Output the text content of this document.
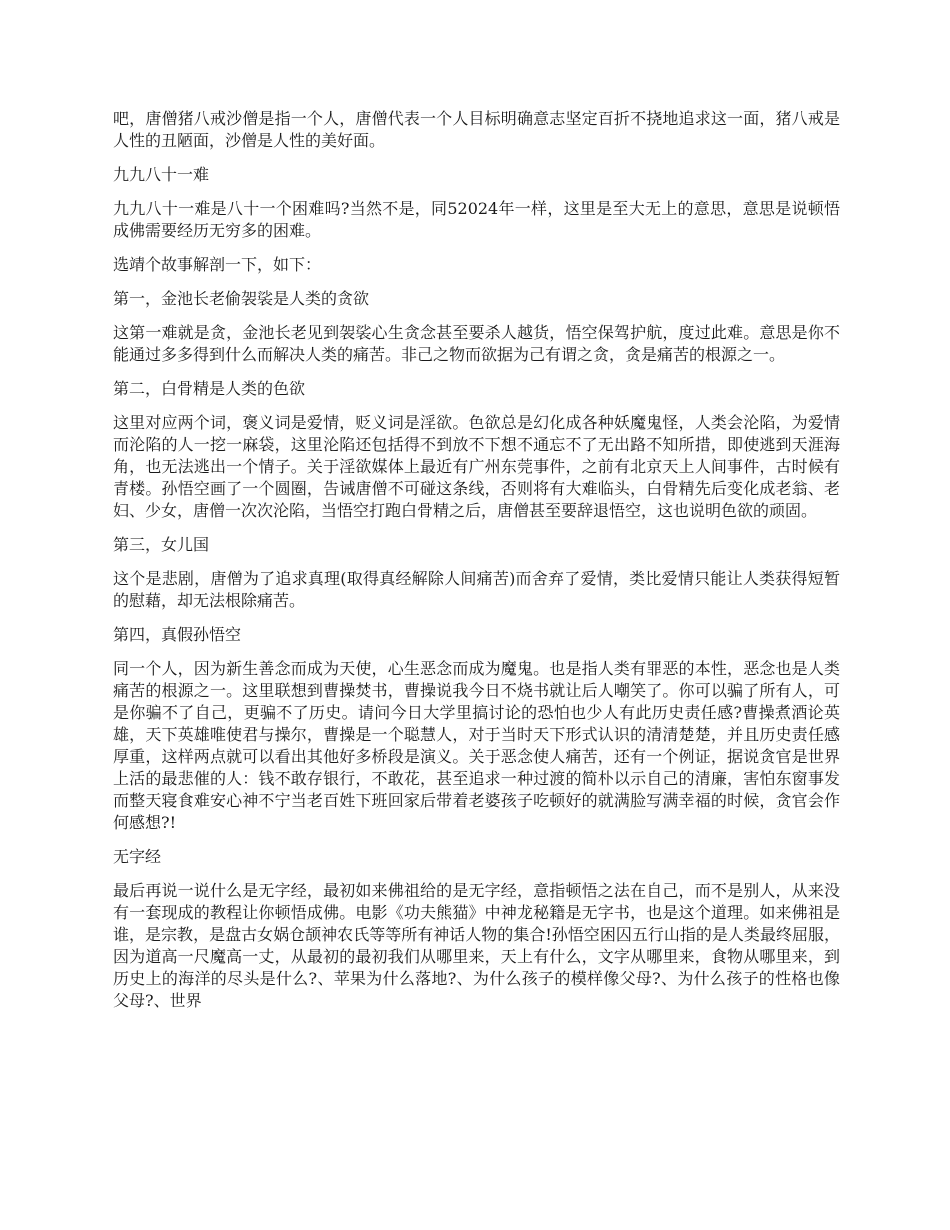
吧，唐僧猪八戒沙僧是指一个人，唐僧代表一个人目标明确意志坚定百折不挠地追求这一面，猪八戒是人性的丑陋面，沙僧是人性的美好面。

九九八十一难

九九八十一难是八十一个困难吗?当然不是，同52024年一样，这里是至大无上的意思，意思是说顿悟成佛需要经历无穷多的困难。

选靖个故事解剖一下，如下：

第一，金池长老偷袈裟是人类的贪欲

这第一难就是贪，金池长老见到袈裟心生贪念甚至要杀人越货，悟空保驾护航，度过此难。意思是你不能通过多多得到什么而解决人类的痛苦。非己之物而欲据为己有谓之贪，贪是痛苦的根源之一。

第二，白骨精是人类的色欲

这里对应两个词，褒义词是爱情，贬义词是淫欲。色欲总是幻化成各种妖魔鬼怪，人类会沦陷，为爱情而沦陷的人一挖一麻袋，这里沦陷还包括得不到放不下想不通忘不了无出路不知所措，即使逃到天涯海角，也无法逃出一个情子。关于淫欲媒体上最近有广州东莞事件，之前有北京天上人间事件，古时候有青楼。孙悟空画了一个圆圈，告诫唐僧不可碰这条线，否则将有大难临头，白骨精先后变化成老翁、老妇、少女，唐僧一次次沦陷，当悟空打跑白骨精之后，唐僧甚至要辞退悟空，这也说明色欲的顽固。

第三，女儿国

这个是悲剧，唐僧为了追求真理(取得真经解除人间痛苦)而舍弃了爱情，类比爱情只能让人类获得短暂的慰藉，却无法根除痛苦。

第四，真假孙悟空

同一个人，因为新生善念而成为天使，心生恶念而成为魔鬼。也是指人类有罪恶的本性，恶念也是人类痛苦的根源之一。这里联想到曹操焚书，曹操说我今日不烧书就让后人嘲笑了。你可以骗了所有人，可是你骗不了自己，更骗不了历史。请问今日大学里搞讨论的恐怕也少人有此历史责任感?曹操煮酒论英雄，天下英雄唯使君与操尔，曹操是一个聪慧人，对于当时天下形式认识的清清楚楚，并且历史责任感厚重，这样两点就可以看出其他好多桥段是演义。关于恶念使人痛苦，还有一个例证，据说贪官是世界上活的最悲催的人：钱不敢存银行，不敢花，甚至追求一种过渡的简朴以示自己的清廉，害怕东窗事发而整天寝食难安心神不宁当老百姓下班回家后带着老婆孩子吃顿好的就满脸写满幸福的时候，贪官会作何感想?!

无字经

最后再说一说什么是无字经，最初如来佛祖给的是无字经，意指顿悟之法在自己，而不是别人，从来没有一套现成的教程让你顿悟成佛。电影《功夫熊猫》中神龙秘籍是无字书，也是这个道理。如来佛祖是谁，是宗教，是盘古女娲仓颉神农氏等等所有神话人物的集合!孙悟空困囚五行山指的是人类最终屈服，因为道高一尺魔高一丈，从最初的最初我们从哪里来，天上有什么，文字从哪里来，食物从哪里来，到历史上的海洋的尽头是什么?、苹果为什么落地?、为什么孩子的模样像父母?、为什么孩子的性格也像父母?、世界
